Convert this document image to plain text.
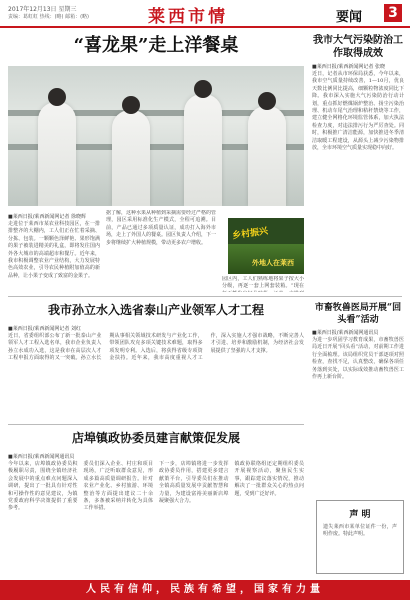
2017年12月13日 星期三
责编：葛虹虹 热线：(略) 邮箱：(略)	莱西市情	要闻 3
“喜龙果”走上洋餐桌
■莱西日报/莱西新闻网记者 徐晓辉
走进位于莱西市某农业科技园区，在一排排整齐的大棚内，工人们正在忙着采摘、分拣、包装。一颗颗色泽鲜艳、果形饱满的果子被装进精美的礼盒，即将发往国内外各大城市的高端超市和餐厅。近年来，我市积极调整农业产业结构，大力发展特色高效农业，引导农民种植附加值高的新品种，让小果子变成了致富的金果子。
据了解，这种水果从种植到采摘需要经过严格的管理，园区采用标准化生产模式，全程可追溯。目前，产品已通过多项质量认证，成功打入海外市场，走上了外国人的餐桌。园区负责人介绍，下一步将继续扩大种植规模，带动更多农户增收。
园区内，工人们熟练地将果子按大小分级，再逐一套上网套装箱。“现在
乡村振兴
外地人在莱西
我市大气污染防治工作取得成效
■莱西日报/莱西新闻网记者 张晓
近日，记者从市环保局获悉，今年以来，我市空气质量持续改善，1—10月，优良天数比例同比提高，细颗粒物浓度同比下降。我市深入实施大气污染防治行动计划，重点抓好燃煤锅炉整治、扬尘污染治理、机动车尾气治理和秸秆禁烧等工作，建立健全网格化环境监管体系，加大执法检查力度，对违法排污行为严厉查处。同时，积极推广清洁能源，加快推进冬季清洁取暖工程建设，从源头上减少污染物排放，全市环境空气质量实现稳中向好。
我市孙立水入选省泰山产业领军人才工程
■莱西日报/莱西新闻网记者 刘红
近日，省委组织部公布了新一批泰山产业领军人才工程入选名单，我市企业负责人孙立水成功入选，这是我市在高层次人才工程申报方面取得的又一突破。孙立水长期从事相关领域技术研发与产业化工作，带领团队攻克多项关键技术难题，取得多项发明专利。入选后，将获得省级专项资金扶持。近年来，我市高度重视人才工作，深入实施人才强市战略，不断完善人才引进、培养和激励机制，为经济社会发展提供了坚强的人才支撑。
市畜牧兽医局开展“回头看”活动
■莱西日报/莱西新闻网通讯员
为进一步巩固学习教育成果，市畜牧兽医局近日开展“回头看”活动，对前期工作进行全面梳理。该局组织党员干部逐项对照检查，查找不足，认真整改，确保各项任务落到实处，以实际成效推动畜牧兽医工作再上新台阶。
店埠镇政协委员建言献策促发展
■莱西日报/莱西新闻网通讯员
今年以来，店埠镇政协委员积极履职尽责，围绕全镇经济社会发展中的重点难点问题深入调研，提出了一批具有针对性和可操作性的意见建议，为镇党委政府科学决策提供了重要参考。
委员们深入企业、村庄和项目现场，广泛听取群众意见，形成多篇高质量调研报告。针对农业产业化、乡村旅游、环境整治等方面提出建议二十余条，多条被采纳并转化为具体工作举措。
下一步，店埠镇将进一步发挥政协委员作用，搭建更多建言献策平台，引导委员们在推动全镇高质量发展中贡献智慧和力量，为建设富裕美丽新店埠凝聚强大合力。
镇政协联络组还定期组织委员开展视察活动，聚焦民生实事，跟踪建议落实情况，推动解决了一批群众关心的热点问题，受到广泛好评。
声 明
遗失莱西市某单位证件一份，声明作废。特此声明。
人民有信仰，民族有希望，国家有力量
